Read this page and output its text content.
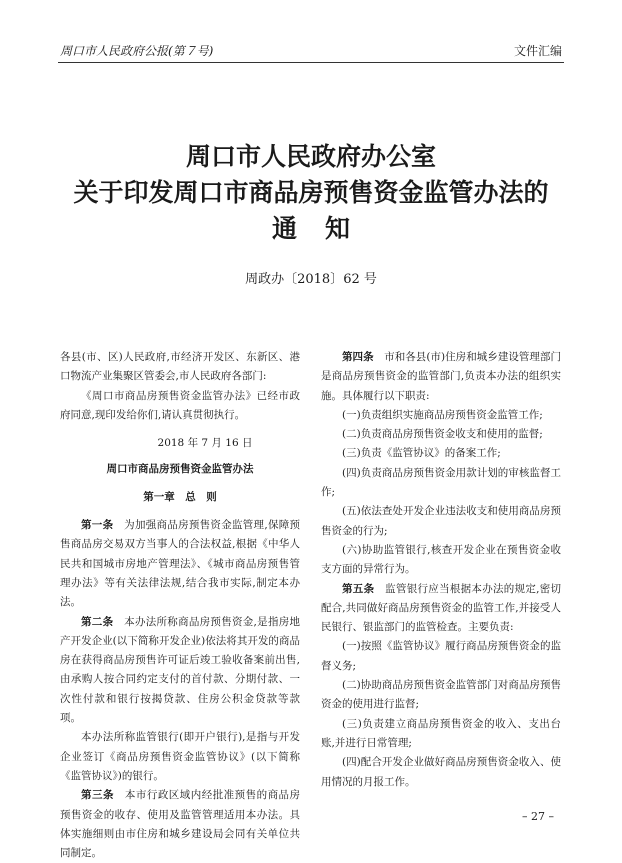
周口市人民政府公报(第７号)	文件汇编
周口市人民政府办公室
关于印发周口市商品房预售资金监管办法的
通知
周政办〔2018〕62 号

各县(市、区)人民政府,市经济开发区、东新区、港口物流产业集聚区管委会,市人民政府各部门:

《周口市商品房预售资金监管办法》已经市政府同意,现印发给你们,请认真贯彻执行。

2018 年 7 月 16 日

周口市商品房预售资金监管办法

第一章　总　则

第一条　 为加强商品房预售资金监管理,保障预售商品房交易双方当事人的合法权益,根据《中华人民共和国城市房地产管理法》、《城市商品房预售管理办法》等有关法律法规,结合我市实际,制定本办法。

第二条　 本办法所称商品房预售资金,是指房地产开发企业(以下简称开发企业)依法将其开发的商品房在获得商品房预售许可证后竣工验收备案前出售,由承购人按合同约定支付的首付款、分期付款、一次性付款和银行按揭贷款、住房公积金贷款等款项。

本办法所称监管银行(即开户银行),是指与开发企业签订《商品房预售资金监管协议》(以下简称《监管协议》)的银行。

第三条　 本市行政区域内经批准预售的商品房预售资金的收存、使用及监管管理适用本办法。具体实施细则由市住房和城乡建设局会同有关单位共同制定。

第四条　 市和各县(市)住房和城乡建设管理部门是商品房预售资金的监管部门,负责本办法的组织实施。具体履行以下职责:

(一)负责组织实施商品房预售资金监管工作;

(二)负责商品房预售资金收支和使用的监督;

(三)负责《监管协议》的备案工作;

(四)负责商品房预售资金用款计划的审核监督工作;

(五)依法查处开发企业违法收支和使用商品房预售资金的行为;

(六)协助监管银行,核查开发企业在预售资金收支方面的异常行为。

第五条　 监管银行应当根据本办法的规定,密切配合,共同做好商品房预售资金的监管工作,并接受人民银行、银监部门的监管检查。主要负责:

(一)按照《监管协议》履行商品房预售资金的监督义务;

(二)协助商品房预售资金监管部门对商品房预售资金的使用进行监督;

(三)负责建立商品房预售资金的收入、支出台账,并进行日常管理;

(四)配合开发企业做好商品房预售资金收入、使用情况的月报工作。

– 27 –
